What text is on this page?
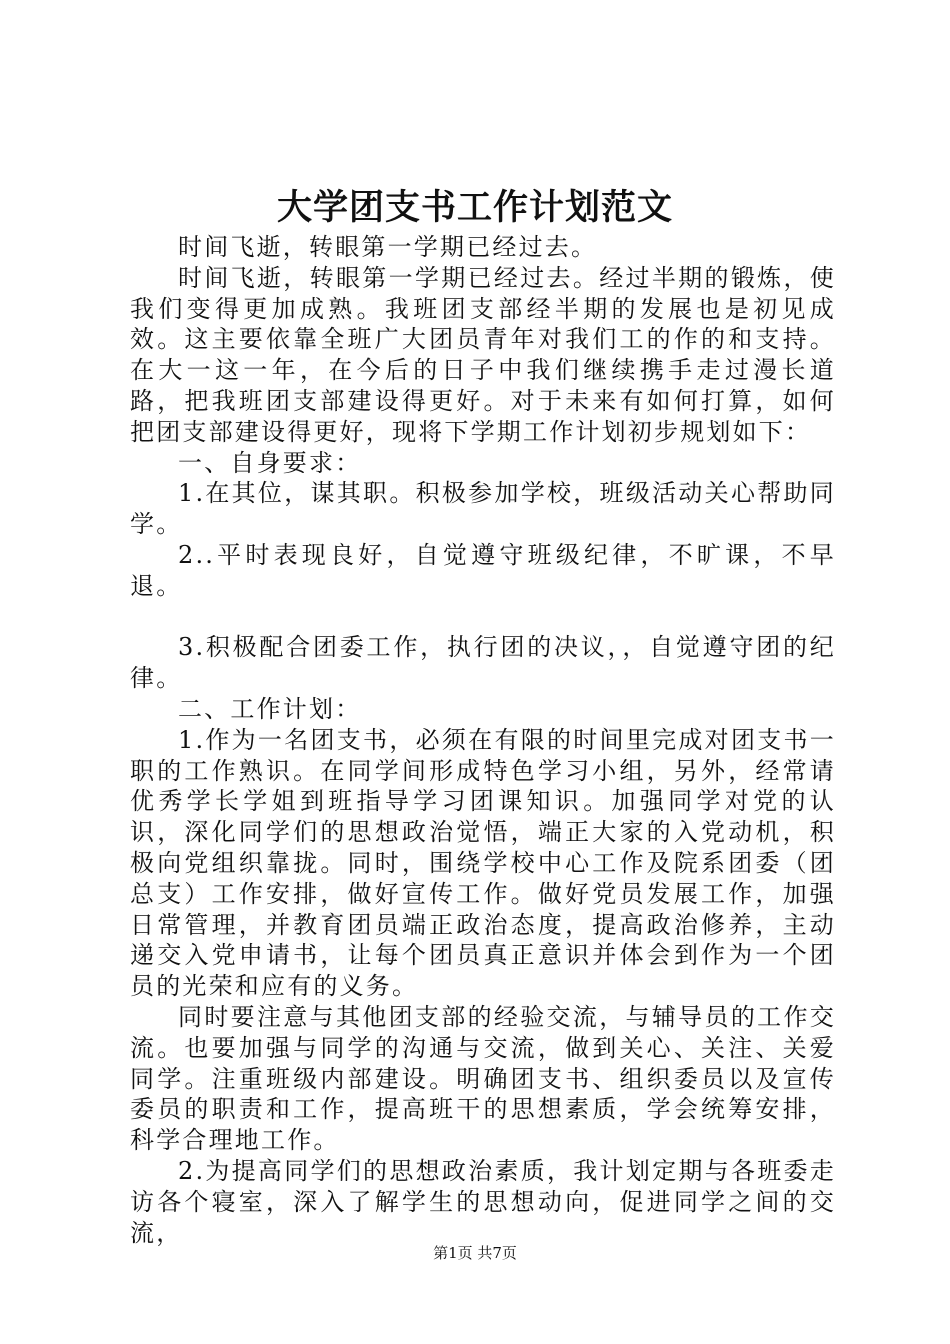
大学团支书工作计划范文

时间飞逝，转眼第一学期已经过去。

时间飞逝，转眼第一学期已经过去。经过半期的锻炼，使我们变得更加成熟。我班团支部经半期的发展也是初见成效。这主要依靠全班广大团员青年对我们工的作的和支持。在大一这一年，在今后的日子中我们继续携手走过漫长道路，把我班团支部建设得更好。对于未来有如何打算，如何把团支部建设得更好，现将下学期工作计划初步规划如下：

一、自身要求：

1.在其位，谋其职。积极参加学校，班级活动关心帮助同学。

2..平时表现良好，自觉遵守班级纪律，不旷课，不早退。

3.积极配合团委工作，执行团的决议，，自觉遵守团的纪律。

二、工作计划：

1.作为一名团支书，必须在有限的时间里完成对团支书一职的工作熟识。在同学间形成特色学习小组，另外，经常请优秀学长学姐到班指导学习团课知识。加强同学对党的认识，深化同学们的思想政治觉悟，端正大家的入党动机，积极向党组织靠拢。同时，围绕学校中心工作及院系团委（团总支）工作安排，做好宣传工作。做好党员发展工作，加强日常管理，并教育团员端正政治态度，提高政治修养，主动递交入党申请书，让每个团员真正意识并体会到作为一个团员的光荣和应有的义务。

同时要注意与其他团支部的经验交流，与辅导员的工作交流。也要加强与同学的沟通与交流，做到关心、关注、关爱同学。注重班级内部建设。明确团支书、组织委员以及宣传委员的职责和工作，提高班干的思想素质，学会统筹安排，科学合理地工作。

2.为提高同学们的思想政治素质，我计划定期与各班委走访各个寝室，深入了解学生的思想动向，促进同学之间的交流，

第1页 共7页
